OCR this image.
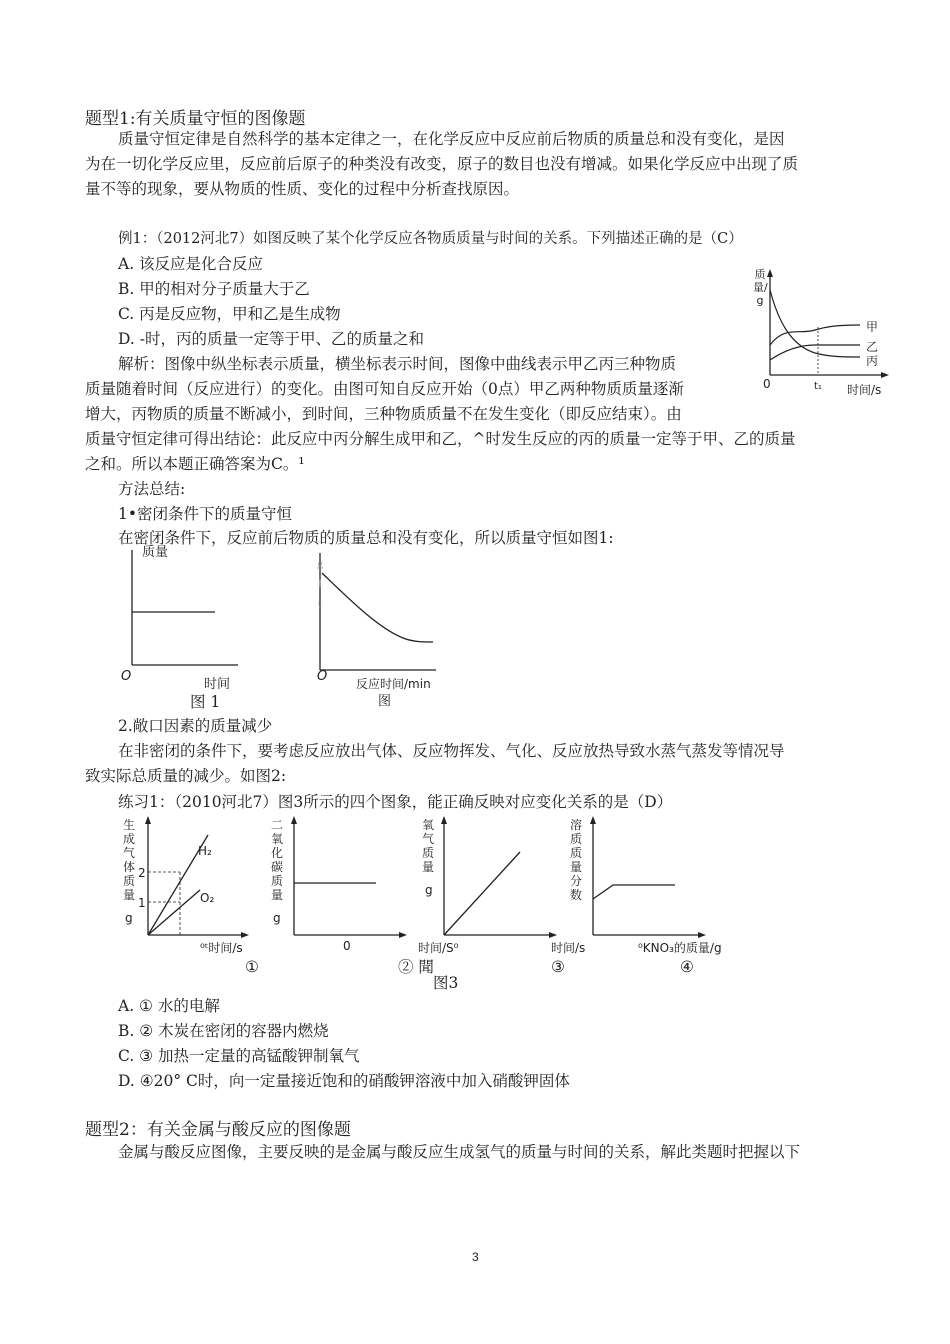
题型1:有关质量守恒的图像题
质量守恒定律是自然科学的基本定律之一，在化学反应中反应前后物质的质量总和没有变化，是因
为在一切化学反应里，反应前后原子的种类没有改变，原子的数目也没有增减。如果化学反应中出现了质
量不等的现象，要从物质的性质、变化的过程中分析查找原因。
例1：（2012河北7）如图反映了某个化学反应各物质质量与时间的关系。下列描述正确的是（C）
A. 该反应是化合反应
B. 甲的相对分子质量大于乙
C. 丙是反应物，甲和乙是生成物
D. -时，丙的质量一定等于甲、乙的质量之和
解析：图像中纵坐标表示质量，横坐标表示时间，图像中曲线表示甲乙丙三种物质
质量随着时间（反应进行）的变化。由图可知自反应开始（0点）甲乙两种物质质量逐渐
增大，丙物质的质量不断减小，到时间，三种物质质量不在发生变化（即反应结束）。由
质量守恒定律可得出结论：此反应中丙分解生成甲和乙，^时发生反应的丙的质量一定等于甲、乙的质量
之和。所以本题正确答案为C。¹
质量/g
0	t₁ 时间/s
甲
乙
丙
方法总结:
1•密闭条件下的质量守恒
在密闭条件下，反应前后物质的质量总和没有变化，所以质量守恒如图1:
质量
O
时间
图 1
ｇｌｔ
O 反应时间/min
图
2.敞口因素的质量减少
在非密闭的条件下，要考虑反应放出气体、反应物挥发、气化、反应放热导致水蒸气蒸发等情况导
致实际总质量的减少。如图2:
练习1：（2010河北7）图3所示的四个图象，能正确反映对应变化关系的是（D）
生成气体质量
g
2
1
H₂
O₂
⁰ᵗ时间/s
①
二氧化碳质量
g
0
② 聞
氧气质量
g
时间/S⁰
③
溶质质量分数
时间/s	⁰KNO₃的质量/g
④
图3
A. ① 水的电解
B. ② 木炭在密闭的容器内燃烧
C. ③ 加热一定量的高锰酸钾制氧气
D. ④20° C时，向一定量接近饱和的硝酸钾溶液中加入硝酸钾固体
题型2：有关金属与酸反应的图像题
金属与酸反应图像，主要反映的是金属与酸反应生成氢气的质量与时间的关系，解此类题时把握以下
3
